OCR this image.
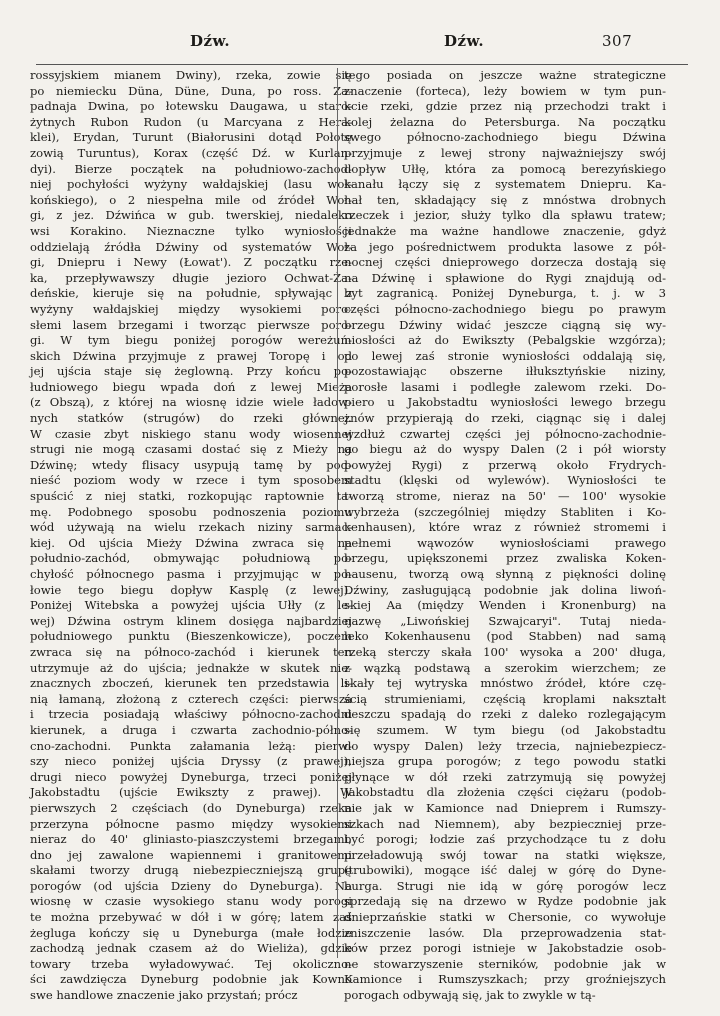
Dźw.	Dźw.	307

rossyjskiem mianem Dwiny), rzeka, zowie się
po niemiecku Düna, Düne, Duna, po ross. Za-
padnaja Dwina, po łotewsku Daugawa, u staro-
żytnych Rubon Rudon (u Marcyana z Hera-
klei), Erydan, Turunt (Białorusini dotąd Połotę
zowią Turuntus), Korax (część Dź. w Kurlan-
dyi). Bierze początek na południowo-zachod-
niej pochyłości wyżyny wałdajskiej (lasu woł-
końskiego), o 2 niespełna mile od źródeł Woł-
gi, z jez. Dźwińca w gub. twerskiej, niedaleko
wsi Korakino. Nieznaczne tylko wyniosłości
oddzielają źródła Dźwiny od systematów Woł-
gi, Dniepru i Newy (Łowat'). Z początku rze-
ka, przepływawszy długie jezioro Ochwat-Ża-
deńskie, kieruje się na południe, spływając z
wyżyny wałdajskiej między wysokiemi poro-
słemi lasem brzegami i tworząc pierwsze poro-
gi. W tym biegu poniżej porogów wereżuń-
skich Dźwina przyjmuje z prawej Toropę i od
jej ujścia staje się żeglowną. Przy końcu po-
łudniowego biegu wpada doń z lewej Mieża
(z Obszą), z której na wiosnę idzie wiele ładow-
nych statków (strugów) do rzeki głównej.
W czasie zbyt niskiego stanu wody wiosennej
strugi nie mogą czasami dostać się z Mieży na
Dźwinę; wtedy flisacy usypują tamę by pod-
nieść poziom wody w rzece i tym sposobem
spuścić z niej statki, rozkopując raptownie ta-
mę. Podobnego sposobu podnoszenia poziomu
wód używają na wielu rzekach niziny sarmac-
kiej. Od ujścia Mieży Dźwina zwraca się na
południo-zachód, obmywając południową po-
chyłość północnego pasma i przyjmując w po-
łowie tego biegu dopływ Kasplę (z lewej).
Poniżej Witebska a powyżej ujścia Ułły (z le-
wej) Dźwina ostrym klinem dosięga najbardziej
południowego punktu (Bieszenkowicze), poczem
zwraca się na północo-zachód i kierunek ten
utrzymuje aż do ujścia; jednakże w skutek nie-
znacznych zboczeń, kierunek ten przedstawia li-
nią łamaną, złożoną z czterech części: pierwsza
i trzecia posiadają właściwy północno-zachodni
kierunek, a druga i czwarta zachodnio-półno-
cno-zachodni. Punkta załamania leżą: pierw-
szy nieco poniżej ujścia Dryssy (z prawej),
drugi nieco powyżej Dyneburga, trzeci poniżej
Jakobstadtu (ujście Ewikszty z prawej). W
pierwszych 2 częściach (do Dyneburga) rzeka
przerzyna północne pasmo między wysokiemi
nieraz do 40' gliniasto-piaszczystemi brzegami,
dno jej zawalone wapiennemi i granitowemi
skałami tworzy drugą niebezpieczniejszą grupę
porogów (od ujścia Dzieny do Dyneburga). Na
wiosnę w czasie wysokiego stanu wody porogi
te można przebywać w dół i w górę; latem zaś
żegluga kończy się u Dyneburga (małe łodzie
zachodzą jednak czasem aż do Wieliża), gdzie
towary trzeba wyładowywać. Tej okoliczno-
ści zawdzięcza Dyneburg podobnie jak Kowno
swe handlowe znaczenie jako przystań; prócz

tego posiada on jeszcze ważne strategiczne
znaczenie (forteca), leży bowiem w tym pun-
kcie rzeki, gdzie przez nią przechodzi trakt i
kolej żelazna do Petersburga. Na początku
swego północno-zachodniego biegu Dźwina
przyjmuje z lewej strony najważniejszy swój
dopływ Ułłę, która za pomocą berezyńskiego
kanału łączy się z systematem Dniepru. Ka-
nał ten, składający się z mnóstwa drobnych
rzeczek i jezior, służy tylko dla spławu tratew;
jednakże ma ważne handlowe znaczenie, gdyż
za jego pośrednictwem produkta lasowe z pół-
nocnej części dnieprowego dorzecza dostają się
na Dźwinę i spławione do Rygi znajdują od-
byt zagranicą. Poniżej Dyneburga, t. j. w 3
części północno-zachodniego biegu po prawym
brzegu Dźwiny widać jeszcze ciągną się wy-
niosłości aż do Ewikszty (Pebalgskie wzgórza);
po lewej zaś stronie wyniosłości oddalają się,
pozostawiając obszerne iłłuksztyńskie niziny,
porosłe lasami i podległe zalewom rzeki. Do-
piero u Jakobstadtu wyniosłości lewego brzegu
znów przypierają do rzeki, ciągnąc się i dalej
wzdłuż czwartej części jej północno-zachodnie-
go biegu aż do wyspy Dalen (2 i pół wiorsty
powyżej Rygi) z przerwą około Frydrych-
stadtu (klęski od wylewów). Wyniosłości te
tworzą strome, nieraz na 50' — 100' wysokie
wybrzeża (szczególniej między Stabliten i Ko-
kenhausen), które wraz z również stromemi i
pełnemi wąwozów wyniosłościami prawego
brzegu, upiększonemi przez zwaliska Koken-
hausenu, tworzą ową słynną z piękności dolinę
Dźwiny, zasługującą podobnie jak dolina liwoń-
skiej Aa (między Wenden i Kronenburg) na
nazwę „Liwońskiej Szwajcaryi". Tutaj nieda-
leko Kokenhausenu (pod Stabben) nad samą
rzeką sterczy skała 100' wysoka a 200' długa,
z wązką podstawą a szerokim wierzchem; ze
skały tej wytryska mnóstwo źródeł, które czę-
ścią strumieniami, częścią kroplami nakształt
deszczu spadają do rzeki z daleko rozlegającym
się szumem. W tym biegu (od Jakobstadtu
do wyspy Dalen) leży trzecia, najniebezpiecz-
niejsza grupa porogów; z tego powodu statki
płynące w dół rzeki zatrzymują się powyżej
Jakobstadtu dla złożenia części ciężaru (podob-
nie jak w Kamionce nad Dnieprem i Rumszy-
szkach nad Niemnem), aby bezpieczniej prze-
być porogi; łodzie zaś przychodzące tu z dołu
przeładowują swój towar na statki większe,
(trubowiki), mogące iść dalej w górę do Dyne-
burga. Strugi nie idą w górę porogów lecz
sprzedają się na drzewo w Rydze podobnie jak
dnieprzańskie statki w Chersonie, co wywołuje
zniszczenie lasów. Dla przeprowadzenia stat-
ków przez porogi istnieje w Jakobstadzie osob-
ne stowarzyszenie sterników, podobnie jak w
Kamionce i Rumszyszkach; przy groźniejszych
porogach odbywają się, jak to zwykle w tą-
